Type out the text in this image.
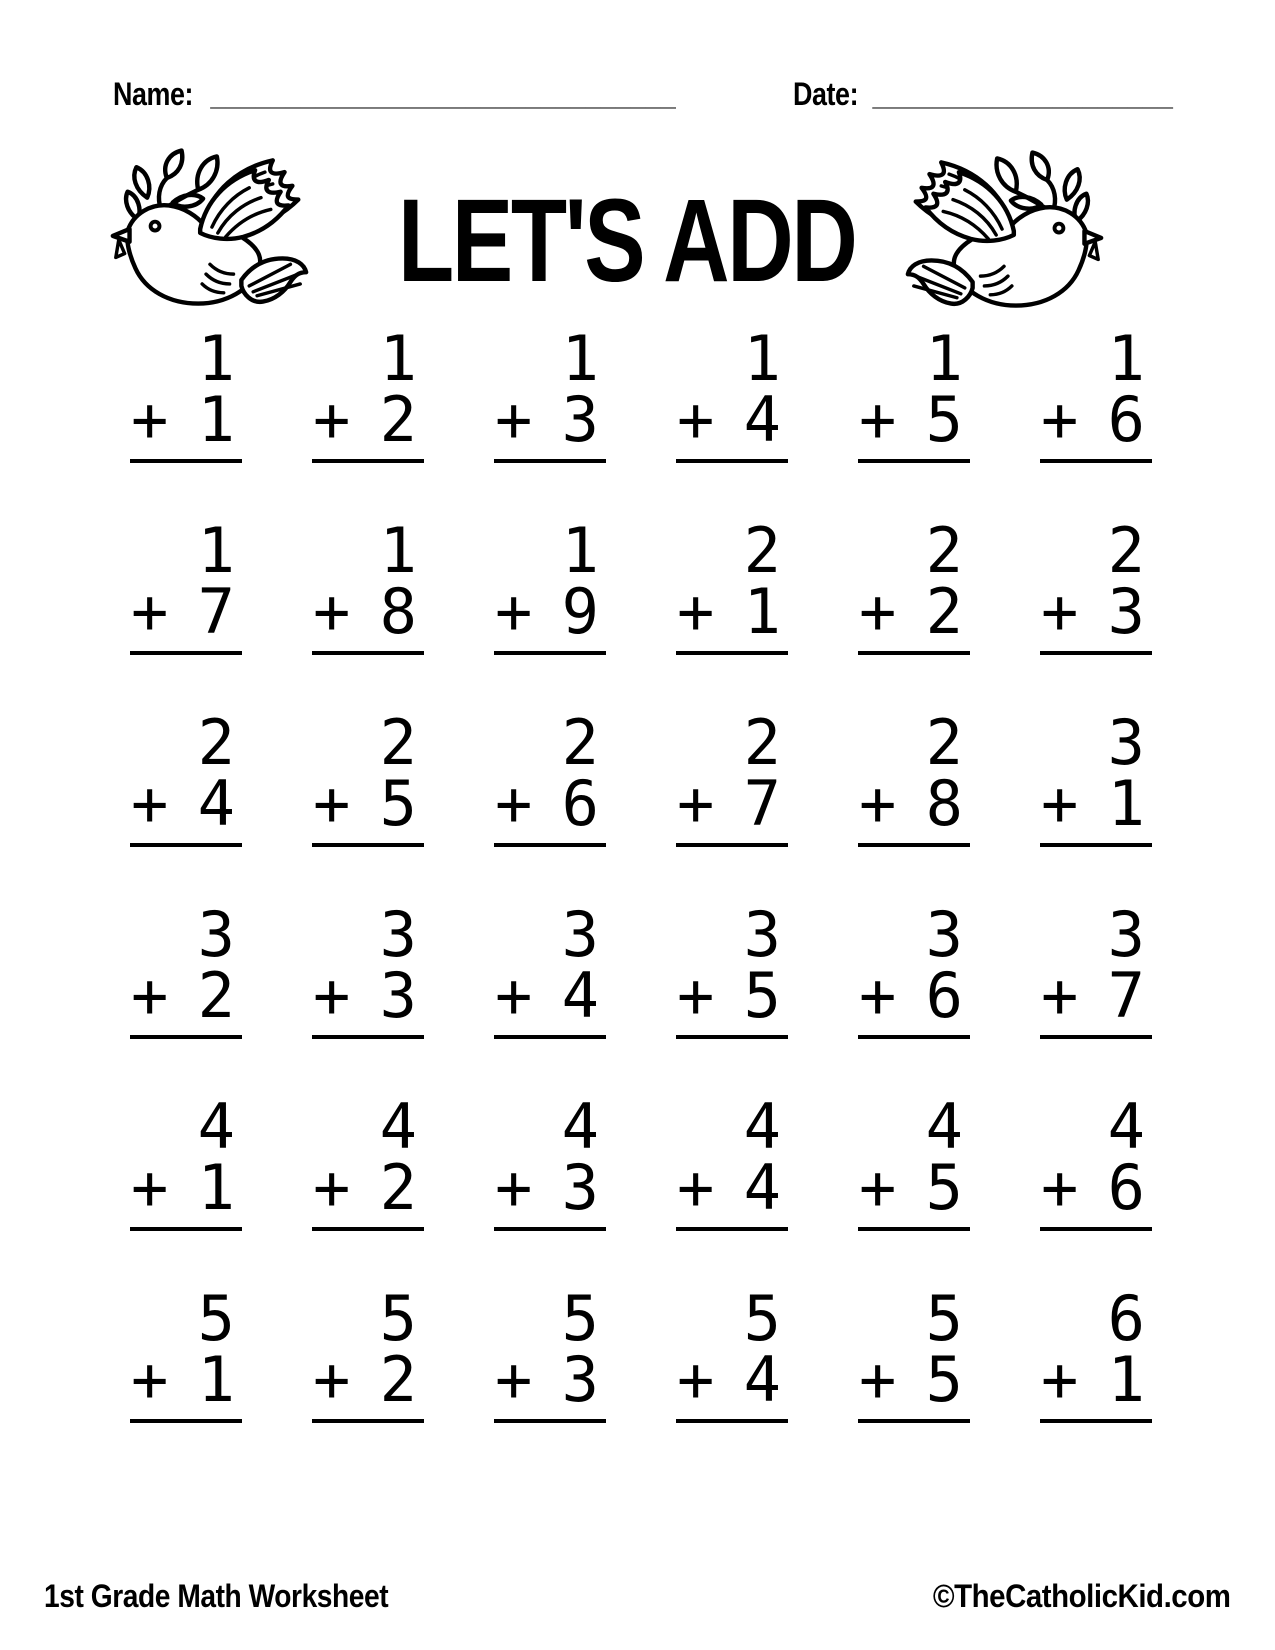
Name: _______________________________	Date: ____________________
LET'S ADD
1
+ 1
1
+ 2
1
+ 3
1
+ 4
1
+ 5
1
+ 6
1
+ 7
1
+ 8
1
+ 9
2
+ 1
2
+ 2
2
+ 3
2
+ 4
2
+ 5
2
+ 6
2
+ 7
2
+ 8
3
+ 1
3
+ 2
3
+ 3
3
+ 4
3
+ 5
3
+ 6
3
+ 7
4
+ 1
4
+ 2
4
+ 3
4
+ 4
4
+ 5
4
+ 6
5
+ 1
5
+ 2
5
+ 3
5
+ 4
5
+ 5
6
+ 1
1st Grade Math Worksheet	©TheCatholicKid.com
